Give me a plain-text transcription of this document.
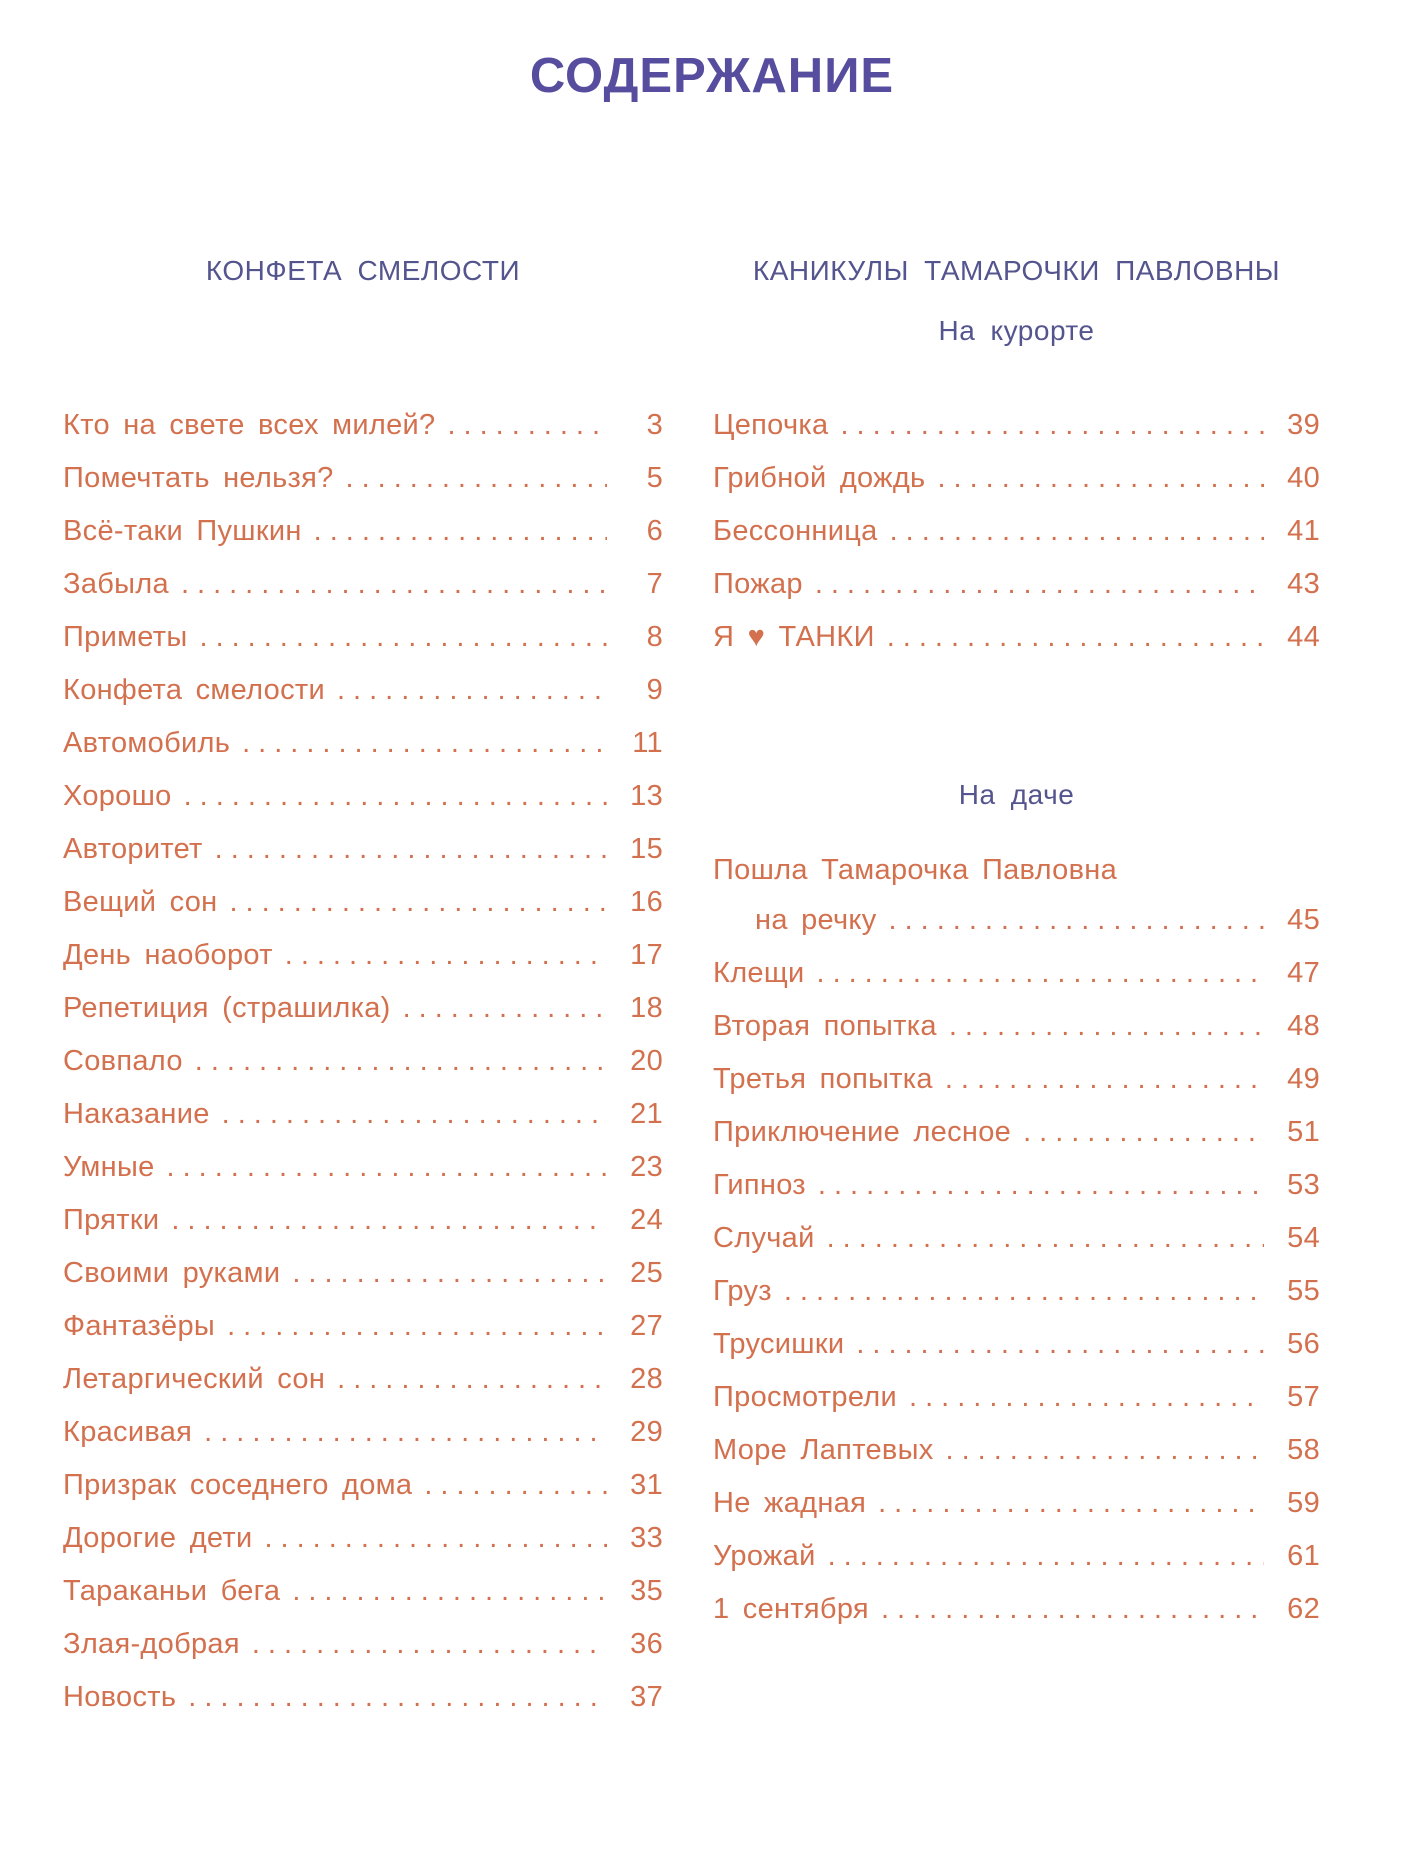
СОДЕРЖАНИЕ
КОНФЕТА СМЕЛОСТИ
Кто на свете всех милей? .....	3
Помечтать нельзя? .....	5
Всё-таки Пушкин .....	6
Забыла .....	7
Приметы .....	8
Конфета смелости .....	9
Автомобиль .....	11
Хорошо .....	13
Авторитет .....	15
Вещий сон .....	16
День наоборот .....	17
Репетиция (страшилка) .....	18
Совпало .....	20
Наказание .....	21
Умные .....	23
Прятки .....	24
Своими руками .....	25
Фантазёры .....	27
Летаргический сон .....	28
Красивая .....	29
Призрак соседнего дома .....	31
Дорогие дети .....	33
Тараканьи бега .....	35
Злая-добрая .....	36
Новость .....	37
КАНИКУЛЫ ТАМАРОЧКИ ПАВЛОВНЫ
На курорте
Цепочка .....	39
Грибной дождь .....	40
Бессонница .....	41
Пожар .....	43
Я ♥ ТАНКИ .....	44
На даче
Пошла Тамарочка Павловна
на речку .....	45
Клещи .....	47
Вторая попытка .....	48
Третья попытка .....	49
Приключение лесное .....	51
Гипноз .....	53
Случай .....	54
Груз .....	55
Трусишки .....	56
Просмотрели .....	57
Море Лаптевых .....	58
Не жадная .....	59
Урожай .....	61
1 сентября .....	62
